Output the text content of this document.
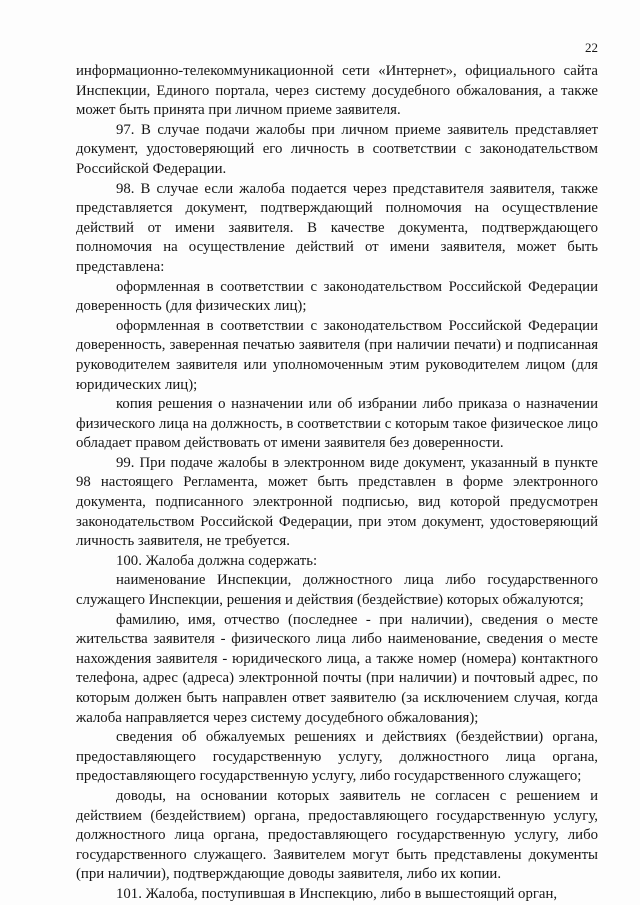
22

информационно-телекоммуникационной сети «Интернет», официального сайта Инспекции, Единого портала, через систему досудебного обжалования, а также может быть принята при личном приеме заявителя.

97. В случае подачи жалобы при личном приеме заявитель представляет документ, удостоверяющий его личность в соответствии с законодательством Российской Федерации.

98. В случае если жалоба подается через представителя заявителя, также представляется документ, подтверждающий полномочия на осуществление действий от имени заявителя. В качестве документа, подтверждающего полномочия на осуществление действий от имени заявителя, может быть представлена:

оформленная в соответствии с законодательством Российской Федерации доверенность (для физических лиц);

оформленная в соответствии с законодательством Российской Федерации доверенность, заверенная печатью заявителя (при наличии печати) и подписанная руководителем заявителя или уполномоченным этим руководителем лицом (для юридических лиц);

копия решения о назначении или об избрании либо приказа о назначении физического лица на должность, в соответствии с которым такое физическое лицо обладает правом действовать от имени заявителя без доверенности.

99. При подаче жалобы в электронном виде документ, указанный в пункте 98 настоящего Регламента, может быть представлен в форме электронного документа, подписанного электронной подписью, вид которой предусмотрен законодательством Российской Федерации, при этом документ, удостоверяющий личность заявителя, не требуется.

100. Жалоба должна содержать:

наименование Инспекции, должностного лица либо государственного служащего Инспекции, решения и действия (бездействие) которых обжалуются;

фамилию, имя, отчество (последнее - при наличии), сведения о месте жительства заявителя - физического лица либо наименование, сведения о месте нахождения заявителя - юридического лица, а также номер (номера) контактного телефона, адрес (адреса) электронной почты (при наличии) и почтовый адрес, по которым должен быть направлен ответ заявителю (за исключением случая, когда жалоба направляется через систему досудебного обжалования);

сведения об обжалуемых решениях и действиях (бездействии) органа, предоставляющего государственную услугу, должностного лица органа, предоставляющего государственную услугу, либо государственного служащего;

доводы, на основании которых заявитель не согласен с решением и действием (бездействием) органа, предоставляющего государственную услугу, должностного лица органа, предоставляющего государственную услугу, либо государственного служащего. Заявителем могут быть представлены документы (при наличии), подтверждающие доводы заявителя, либо их копии.

101. Жалоба, поступившая в Инспекцию, либо в вышестоящий орган,
